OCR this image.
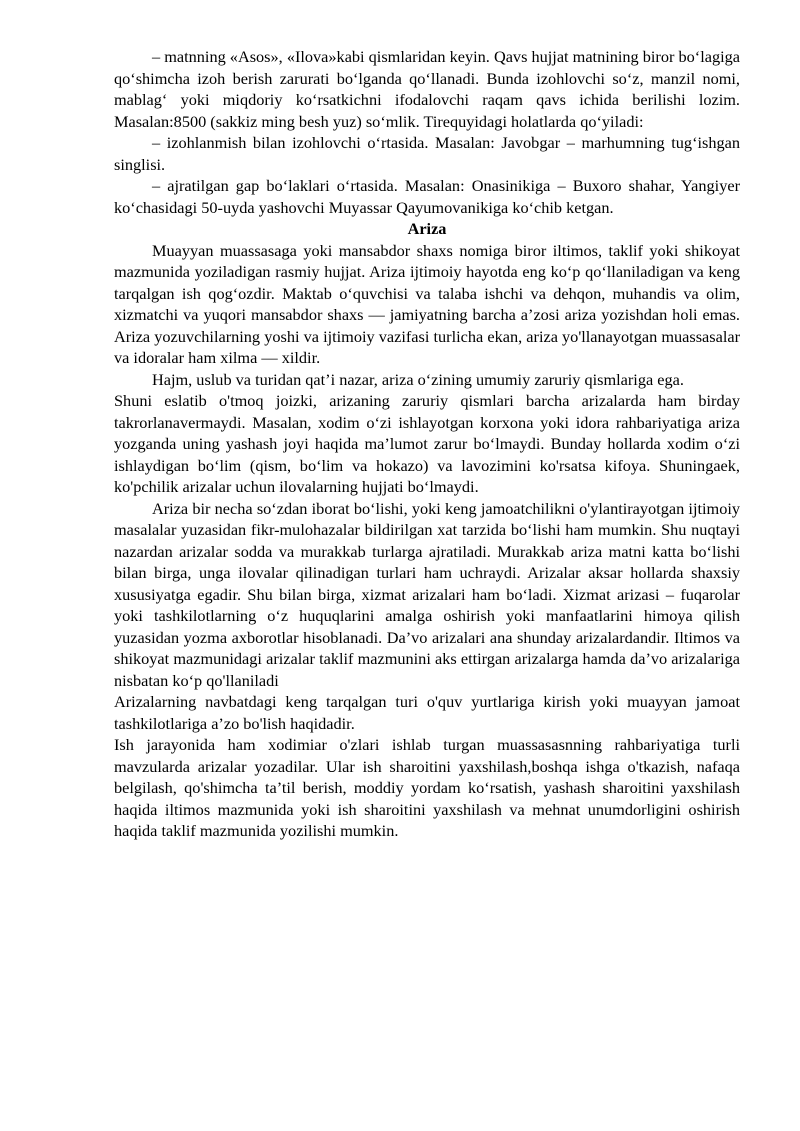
– matnning «Asos», «Ilova»kabi qismlaridan keyin. Qavs hujjat matnining biror bo‘lagiga qo‘shimcha izoh berish zarurati bo‘lganda qo‘llanadi. Bunda izohlovchi so‘z, manzil nomi, mablag‘ yoki miqdoriy ko‘rsatkichni ifodalovchi raqam qavs ichida berilishi lozim. Masalan:8500 (sakkiz ming besh yuz) so‘mlik. Tirequyidagi holatlarda qo‘yiladi:

– izohlanmish bilan izohlovchi o‘rtasida. Masalan: Javobgar – marhumning tug‘ishgan singlisi.

– ajratilgan gap bo‘laklari o‘rtasida. Masalan: Onasinikiga – Buxoro shahar, Yangiyer ko‘chasidagi 50-uyda yashovchi Muyassar Qayumovanikiga ko‘chib ketgan.

Ariza

Muayyan muassasaga yoki mansabdor shaxs nomiga biror iltimos, taklif yoki shikoyat mazmunida yoziladigan rasmiy hujjat. Ariza ijtimoiy hayotda eng ko‘p qo‘llaniladigan va keng tarqalgan ish qog‘ozdir. Maktab o‘quvchisi va talaba ishchi va dehqon, muhandis va olim, xizmatchi va yuqori mansabdor shaxs — jamiyatning barcha a’zosi ariza yozishdan holi emas. Ariza yozuvchilarning yoshi va ijtimoiy vazifasi turlicha ekan, ariza yo'llanayotgan muassasalar va idoralar ham xilma — xildir.

Hajm, uslub va turidan qat’i nazar, ariza o‘zining umumiy zaruriy qismlariga ega.

Shuni eslatib o'tmoq joizki, arizaning zaruriy qismlari barcha arizalarda ham birday takrorlanavermaydi. Masalan, xodim o‘zi ishlayotgan korxona yoki idora rahbariyatiga ariza yozganda uning yashash joyi haqida ma’lumot zarur bo‘lmaydi. Bunday hollarda xodim o‘zi ishlaydigan bo‘lim (qism, bo‘lim va hokazo) va lavozimini ko'rsatsa kifoya. Shuningaek, ko'pchilik arizalar uchun ilovalarning hujjati bo‘lmaydi.

Ariza bir necha so‘zdan iborat bo‘lishi, yoki keng jamoatchilikni o'ylantirayotgan ijtimoiy masalalar yuzasidan fikr-mulohazalar bildirilgan xat tarzida bo‘lishi ham mumkin. Shu nuqtayi nazardan arizalar sodda va murakkab turlarga ajratiladi. Murakkab ariza matni katta bo‘lishi bilan birga, unga ilovalar qilinadigan turlari ham uchraydi. Arizalar aksar hollarda shaxsiy xususiyatga egadir. Shu bilan birga, xizmat arizalari ham bo‘ladi. Xizmat arizasi – fuqarolar yoki tashkilotlarning o‘z huquqlarini amalga oshirish yoki manfaatlarini himoya qilish yuzasidan yozma axborotlar hisoblanadi. Da’vo arizalari ana shunday arizalardandir. Iltimos va shikoyat mazmunidagi arizalar taklif mazmunini aks ettirgan arizalarga hamda da’vo arizalariga nisbatan ko‘p qo'llaniladi

Arizalarning navbatdagi keng tarqalgan turi o'quv yurtlariga kirish yoki muayyan jamoat tashkilotlariga a’zo bo'lish haqidadir.

Ish jarayonida ham xodimiar o'zlari ishlab turgan muassasasnning rahbariyatiga turli mavzularda arizalar yozadilar. Ular ish sharoitini yaxshilash,boshqa ishga o'tkazish, nafaqa belgilash, qo'shimcha ta’til berish, moddiy yordam ko‘rsatish, yashash sharoitini yaxshilash haqida iltimos mazmunida yoki ish sharoitini yaxshilash va mehnat unumdorligini oshirish haqida taklif mazmunida yozilishi mumkin.
